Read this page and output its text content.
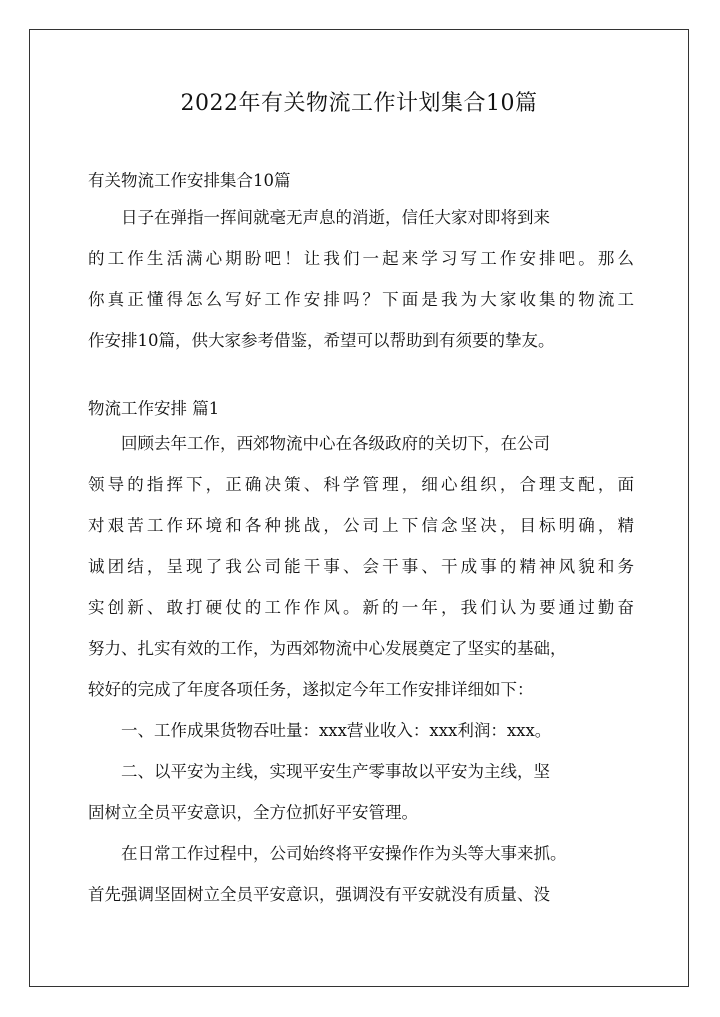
2022年有关物流工作计划集合10篇

有关物流工作安排集合10篇

日子在弹指一挥间就毫无声息的消逝，信任大家对即将到来

的工作生活满心期盼吧！让我们一起来学习写工作安排吧。那么

你真正懂得怎么写好工作安排吗？下面是我为大家收集的物流工

作安排10篇，供大家参考借鉴，希望可以帮助到有须要的挚友。

物流工作安排 篇1

回顾去年工作，西郊物流中心在各级政府的关切下，在公司

领导的指挥下，正确决策、科学管理，细心组织，合理支配，面

对艰苦工作环境和各种挑战，公司上下信念坚决，目标明确，精

诚团结，呈现了我公司能干事、会干事、干成事的精神风貌和务

实创新、敢打硬仗的工作作风。新的一年，我们认为要通过勤奋

努力、扎实有效的工作，为西郊物流中心发展奠定了坚实的基础，

较好的完成了年度各项任务，遂拟定今年工作安排详细如下：

一、工作成果货物吞吐量：xxx营业收入：xxx利润：xxx。

二、以平安为主线，实现平安生产零事故以平安为主线，坚

固树立全员平安意识，全方位抓好平安管理。

在日常工作过程中，公司始终将平安操作作为头等大事来抓。

首先强调坚固树立全员平安意识，强调没有平安就没有质量、没
